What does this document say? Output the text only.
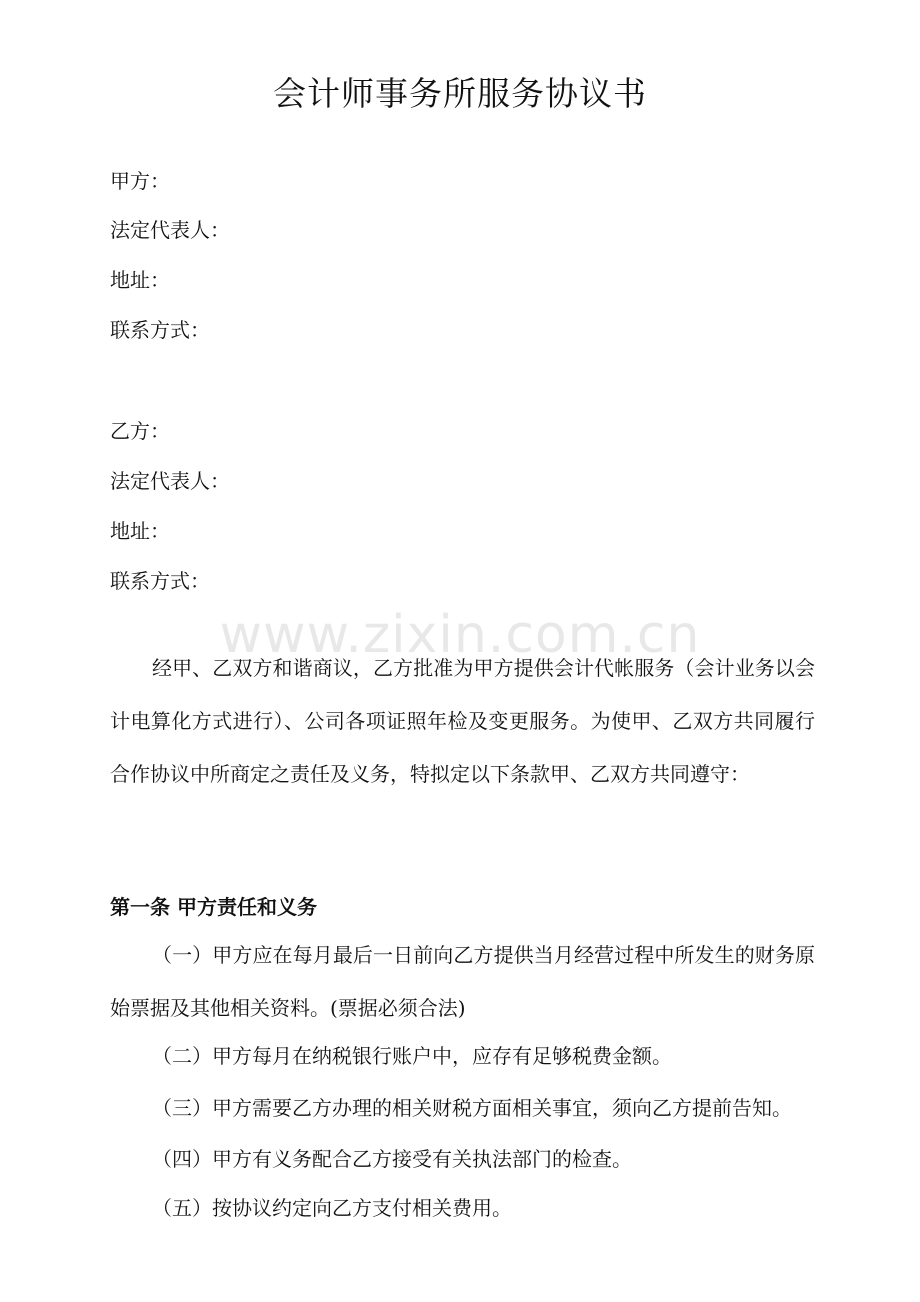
会计师事务所服务协议书
甲方：
法定代表人：
地址：
联系方式：
乙方：
法定代表人：
地址：
联系方式：
www.zixin.com.cn
经甲、乙双方和谐商议，乙方批准为甲方提供会计代帐服务（会计业务以会计电算化方式进行）、公司各项证照年检及变更服务。为使甲、乙双方共同履行合作协议中所商定之责任及义务，特拟定以下条款甲、乙双方共同遵守：
第一条 甲方责任和义务
（一）甲方应在每月最后一日前向乙方提供当月经营过程中所发生的财务原始票据及其他相关资料。(票据必须合法)
（二）甲方每月在纳税银行账户中，应存有足够税费金额。
（三）甲方需要乙方办理的相关财税方面相关事宜，须向乙方提前告知。
（四）甲方有义务配合乙方接受有关执法部门的检查。
（五）按协议约定向乙方支付相关费用。
